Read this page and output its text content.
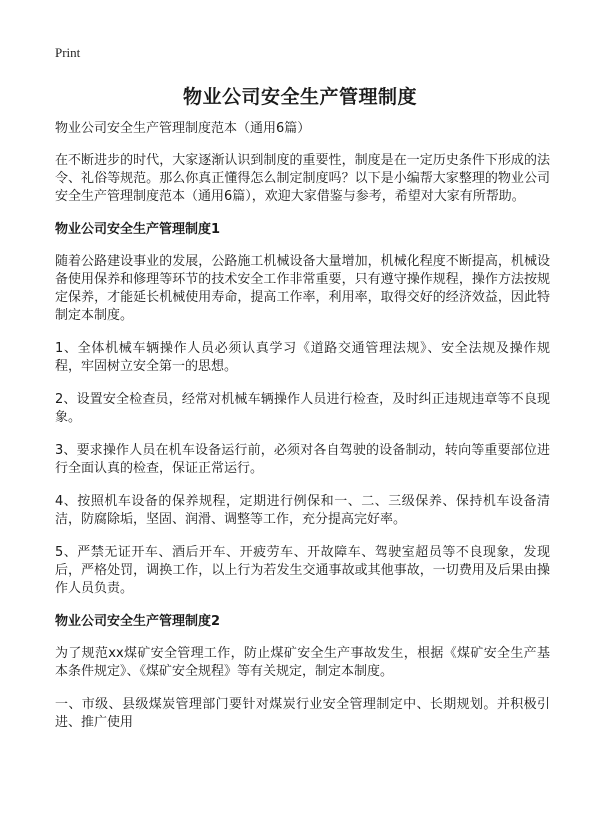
Print
物业公司安全生产管理制度

物业公司安全生产管理制度范本（通用6篇）

在不断进步的时代，大家逐渐认识到制度的重要性，制度是在一定历史条件下形成的法令、礼俗等规范。那么你真正懂得怎么制定制度吗？以下是小编帮大家整理的物业公司安全生产管理制度范本（通用6篇），欢迎大家借鉴与参考，希望对大家有所帮助。

物业公司安全生产管理制度1

随着公路建设事业的发展，公路施工机械设备大量增加，机械化程度不断提高，机械设备使用保养和修理等环节的技术安全工作非常重要，只有遵守操作规程，操作方法按规定保养，才能延长机械使用寿命，提高工作率，利用率，取得交好的经济效益，因此特制定本制度。

1、全体机械车辆操作人员必须认真学习《道路交通管理法规》、安全法规及操作规程，牢固树立安全第一的思想。

2、设置安全检查员，经常对机械车辆操作人员进行检查，及时纠正违规违章等不良现象。

3、要求操作人员在机车设备运行前，必须对各自驾驶的设备制动，转向等重要部位进行全面认真的检查，保证正常运行。

4、按照机车设备的保养规程，定期进行例保和一、二、三级保养、保持机车设备清洁，防腐除垢，坚固、润滑、调整等工作，充分提高完好率。

5、严禁无证开车、酒后开车、开疲劳车、开故障车、驾驶室超员等不良现象，发现后，严格处罚，调换工作，以上行为若发生交通事故或其他事故，一切费用及后果由操作人员负责。

物业公司安全生产管理制度2

为了规范xx煤矿安全管理工作，防止煤矿安全生产事故发生，根据《煤矿安全生产基本条件规定》、《煤矿安全规程》等有关规定，制定本制度。

一、市级、县级煤炭管理部门要针对煤炭行业安全管理制定中、长期规划。并积极引进、推广使用
